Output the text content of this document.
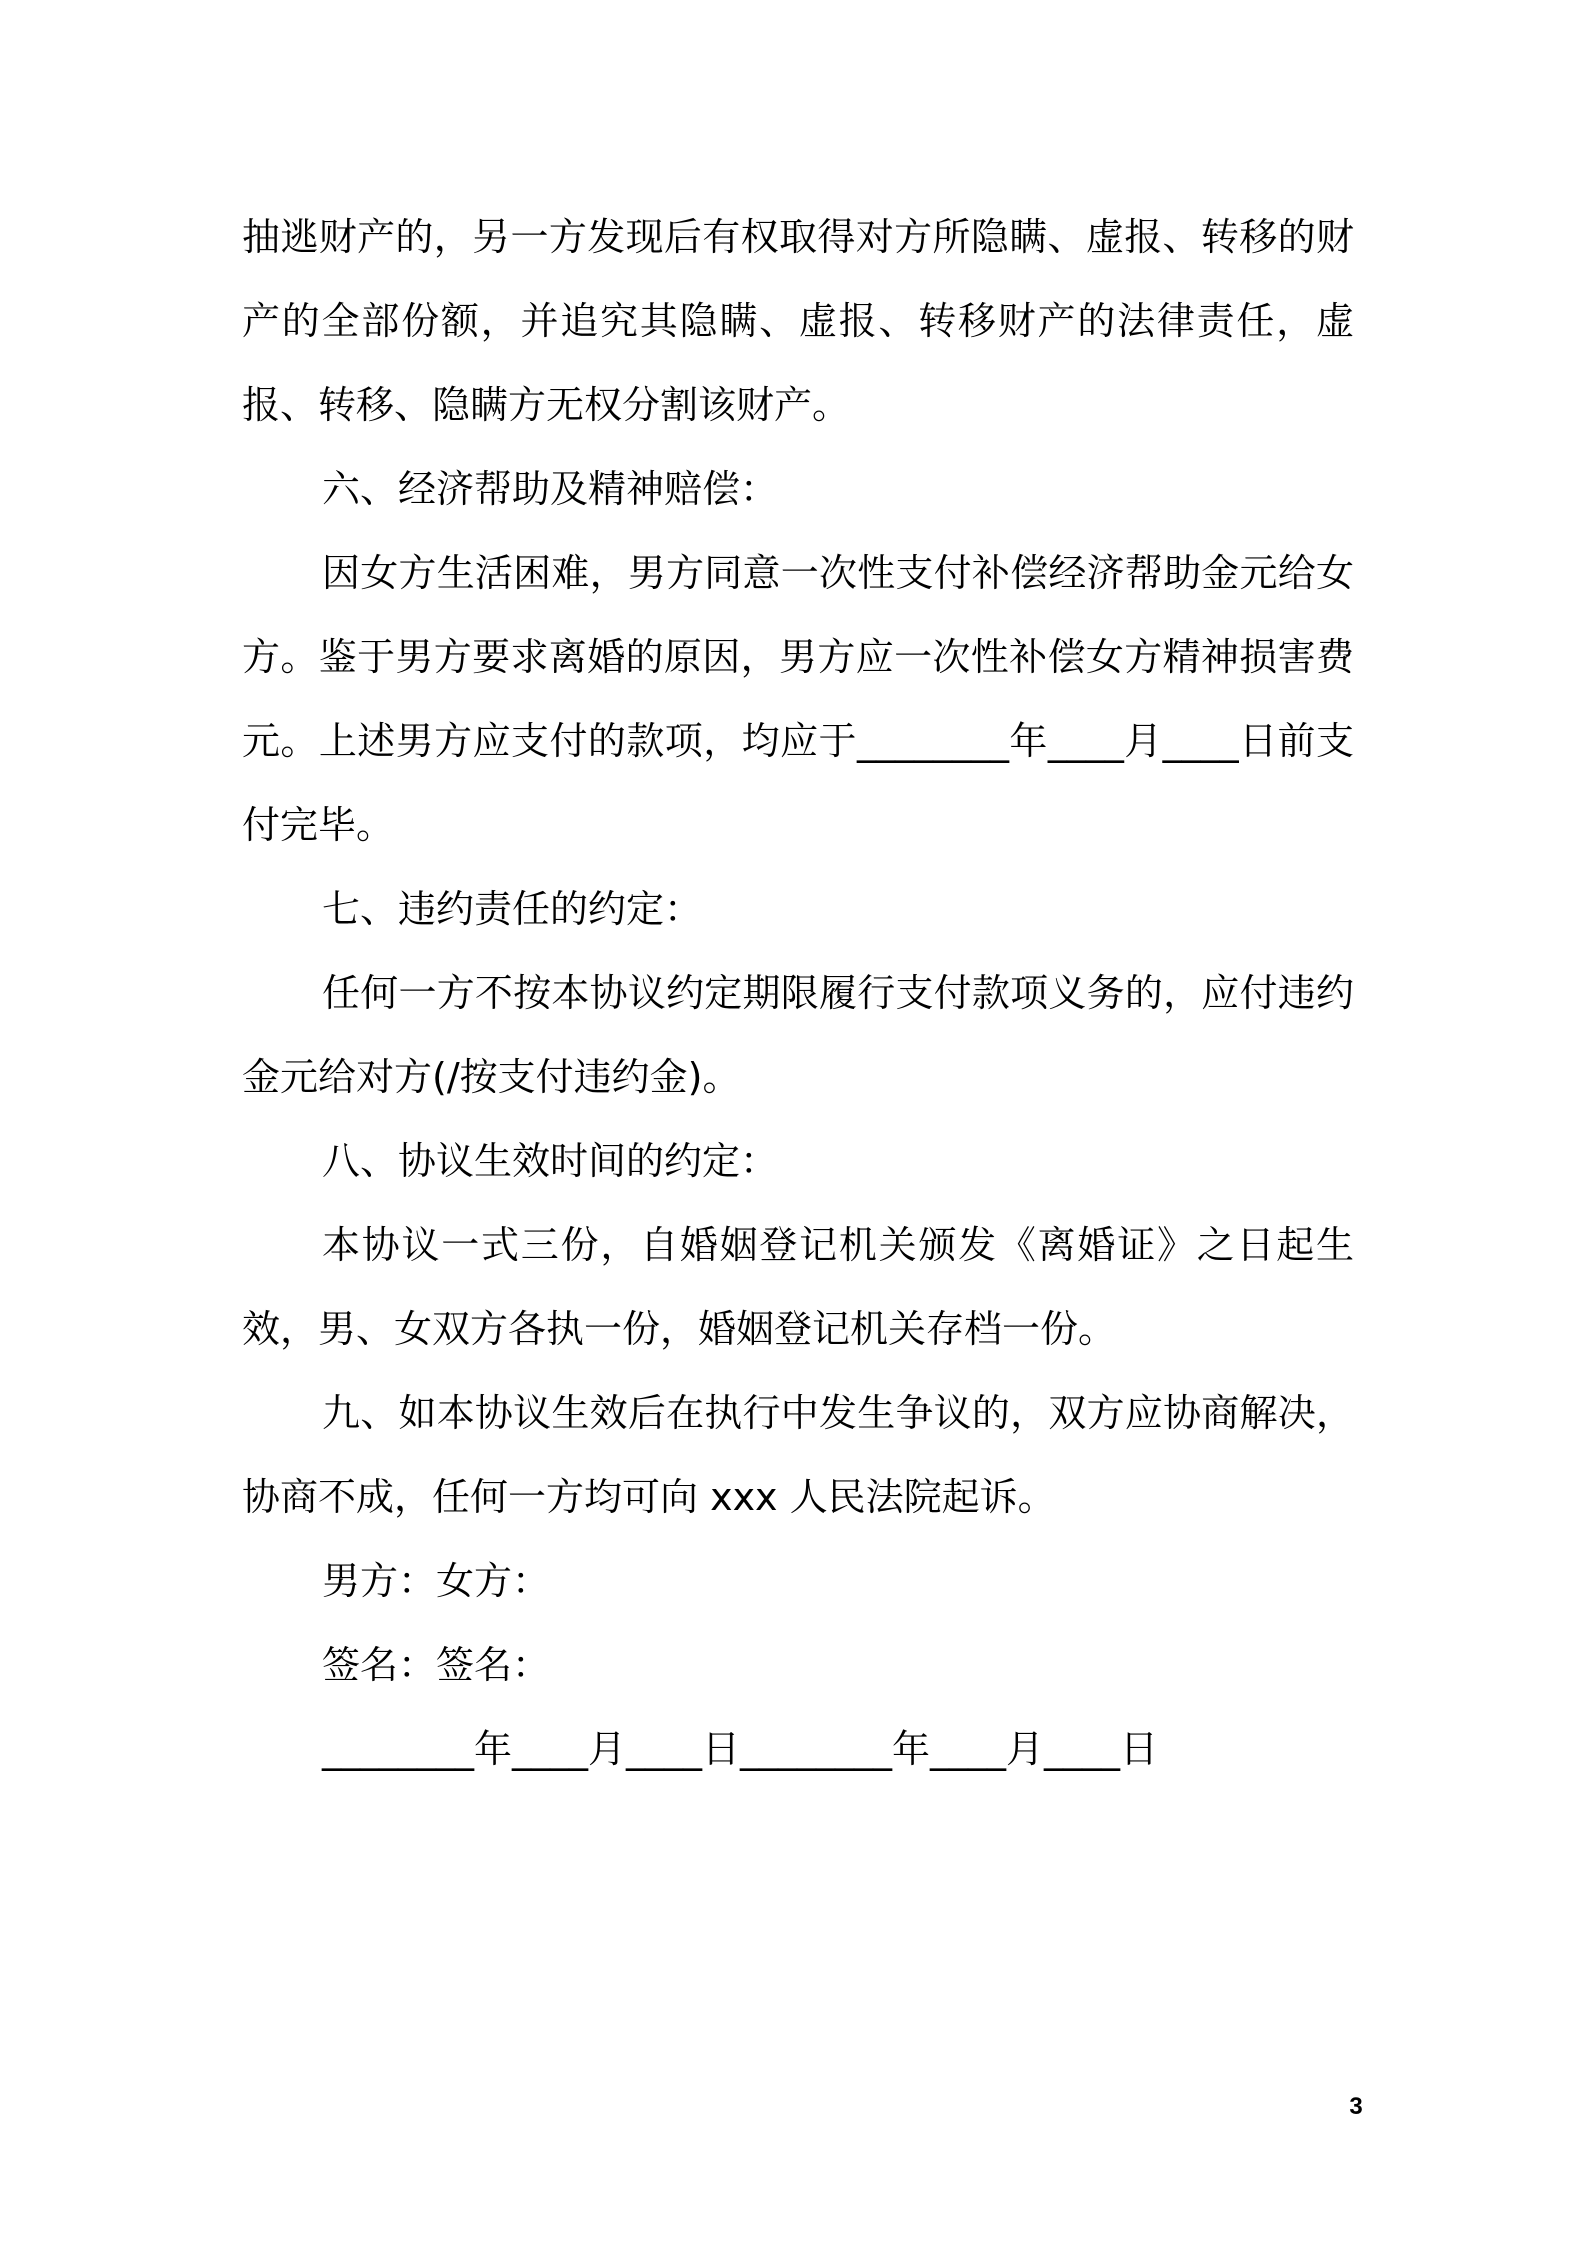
抽逃财产的，另一方发现后有权取得对方所隐瞒、虚报、转移的财产的全部份额，并追究其隐瞒、虚报、转移财产的法律责任，虚报、转移、隐瞒方无权分割该财产。

六、经济帮助及精神赔偿：

因女方生活困难，男方同意一次性支付补偿经济帮助金元给女方。鉴于男方要求离婚的原因，男方应一次性补偿女方精神损害费元。上述男方应支付的款项，均应于________年____月____日前支付完毕。

七、违约责任的约定：

任何一方不按本协议约定期限履行支付款项义务的，应付违约金元给对方(/按支付违约金)。

八、协议生效时间的约定：

本协议一式三份，自婚姻登记机关颁发《离婚证》之日起生效，男、女双方各执一份，婚姻登记机关存档一份。

九、如本协议生效后在执行中发生争议的，双方应协商解决，协商不成，任何一方均可向 xxx 人民法院起诉。

男方：女方：

签名：签名：

________年____月____日________年____月____日

3
